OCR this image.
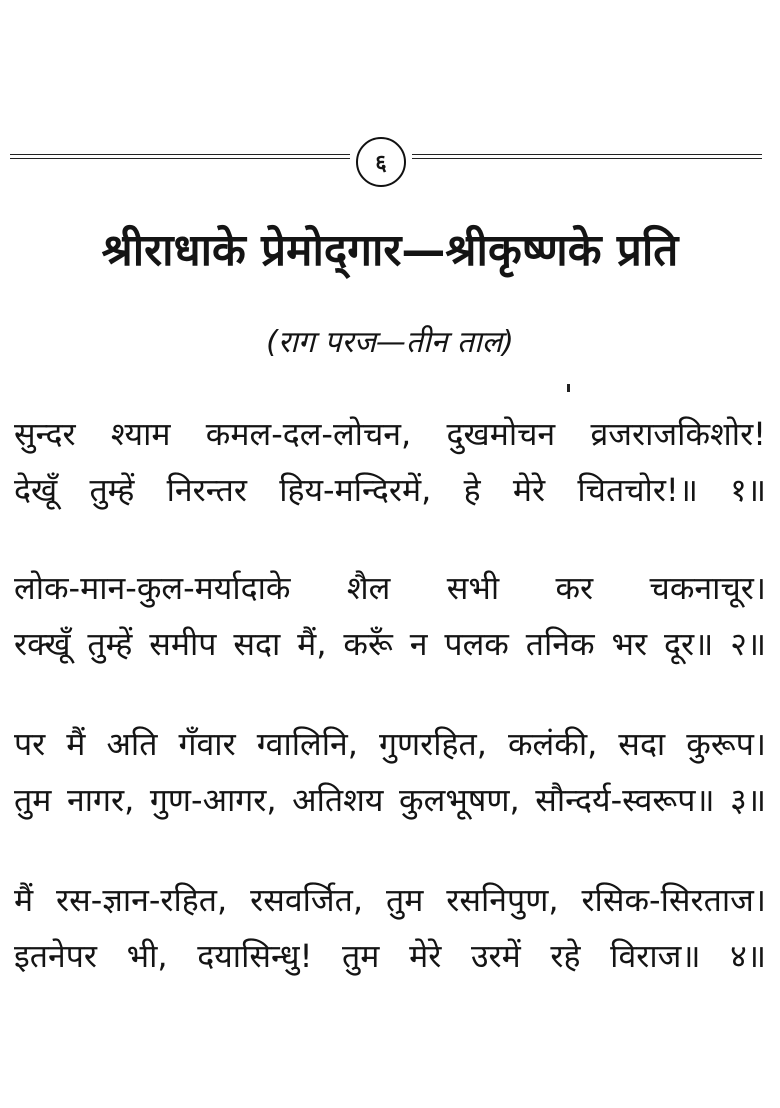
६
श्रीराधाके प्रेमोद्‌गार—श्रीकृष्णके प्रति
(राग परज—तीन ताल)
सुन्दर श्याम कमल-दल-लोचन, दुखमोचन व्रजराजकिशोर!
देखूँ तुम्हें निरन्तर हिय-मन्दिरमें, हे मेरे चितचोर!॥ १॥
लोक-मान-कुल-मर्यादाके शैल सभी कर चकनाचूर।
रक्खूँ तुम्हें समीप सदा मैं, करूँ न पलक तनिक भर दूर॥ २॥
पर मैं अति गँवार ग्वालिनि, गुणरहित, कलंकी, सदा कुरूप।
तुम नागर, गुण-आगर, अतिशय कुलभूषण, सौन्दर्य-स्वरूप॥ ३॥
मैं रस-ज्ञान-रहित, रसवर्जित, तुम रसनिपुण, रसिक-सिरताज।
इतनेपर भी, दयासिन्धु! तुम मेरे उरमें रहे विराज॥ ४॥
